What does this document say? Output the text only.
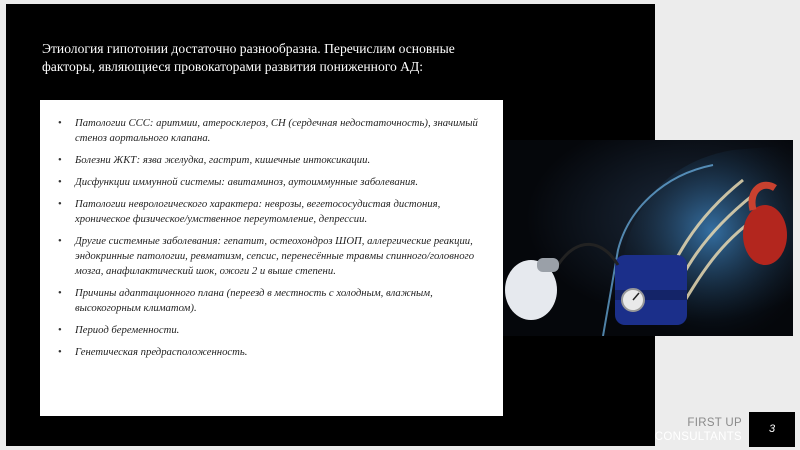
Этиология гипотонии достаточно разнообразна. Перечислим основные факторы, являющиеся провокаторами развития пониженного АД:
• Патологии ССС: аритмии, атеросклероз, СН (сердечная недостаточность), значимый стеноз аортального клапана.
• Болезни ЖКТ: язва желудка, гастрит, кишечные интоксикации.
• Дисфункции иммунной системы: авитаминоз, аутоиммунные заболевания.
• Патологии неврологического характера: неврозы, вегетососудистая дистония, хроническое физическое/умственное переутомление, депрессии.
• Другие системные заболевания: гепатит, остеохондроз ШОП, аллергические реакции, эндокринные патологии, ревматизм, сепсис, перенесённые травмы спинного/головного мозга, анафилактический шок, ожоги 2 и выше степени.
• Причины адаптационного плана (переезд в местность с холодным, влажным, высокогорным климатом).
• Период беременности.
• Генетическая предрасположенность.
FIRST UP
CONSULTANTS
3
